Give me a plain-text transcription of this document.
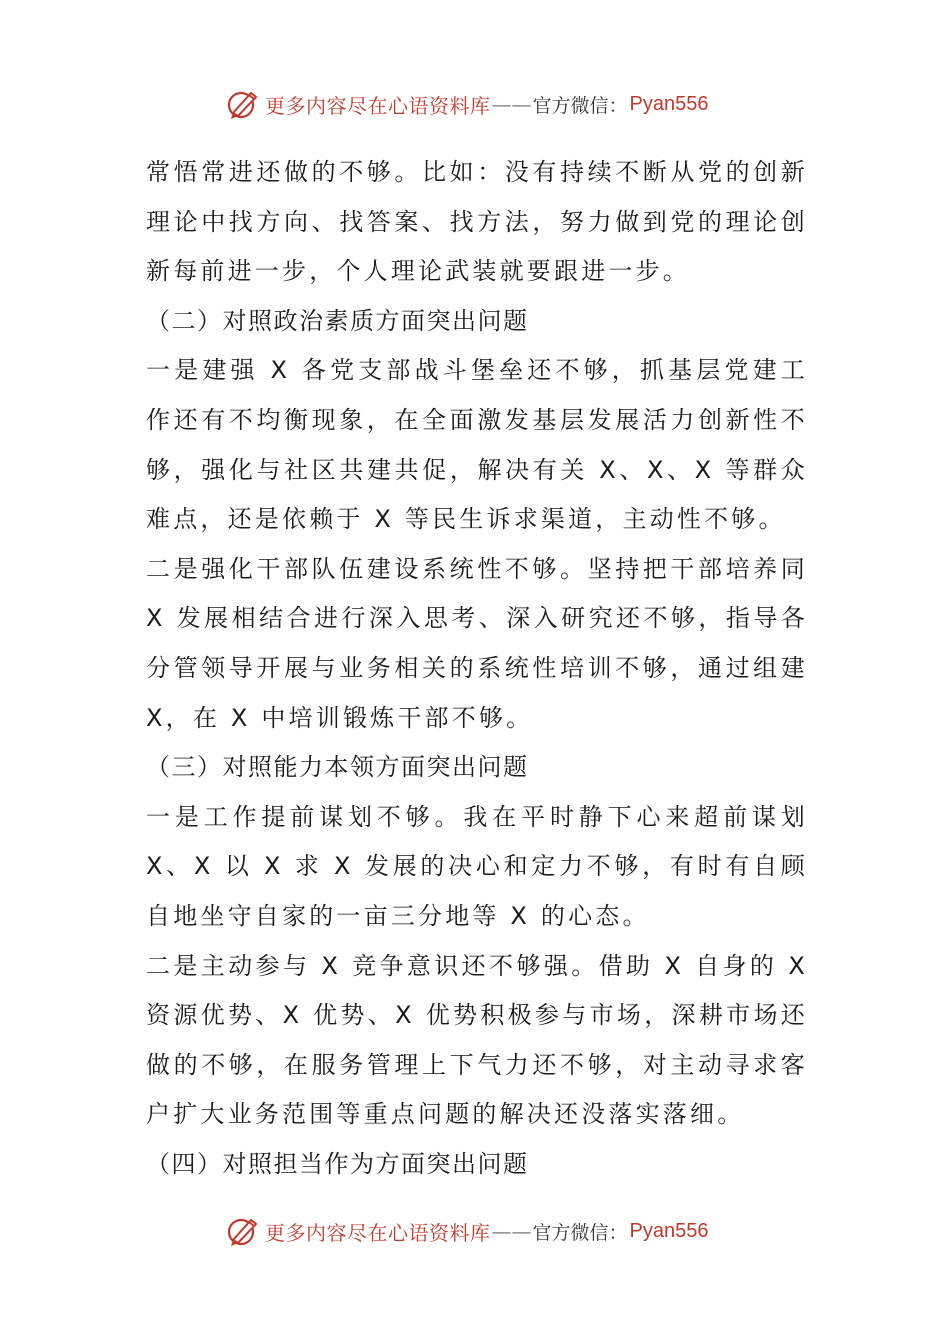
更多内容尽在心语资料库 —— 官方微信： Pyan556

常悟常进还做的不够。比如：没有持续不断从党的创新理论中找方向、找答案、找方法，努力做到党的理论创新每前进一步，个人理论武装就要跟进一步。

（二）对照政治素质方面突出问题

一是建强 X 各党支部战斗堡垒还不够，抓基层党建工作还有不均衡现象，在全面激发基层发展活力创新性不够，强化与社区共建共促，解决有关 X、X、X 等群众难点，还是依赖于 X 等民生诉求渠道，主动性不够。

二是强化干部队伍建设系统性不够。坚持把干部培养同 X 发展相结合进行深入思考、深入研究还不够，指导各分管领导开展与业务相关的系统性培训不够，通过组建 X，在 X 中培训锻炼干部不够。

（三）对照能力本领方面突出问题

一是工作提前谋划不够。我在平时静下心来超前谋划 X、X 以 X 求 X 发展的决心和定力不够，有时有自顾自地坐守自家的一亩三分地等 X 的心态。

二是主动参与 X 竞争意识还不够强。借助 X 自身的 X 资源优势、X 优势、X 优势积极参与市场，深耕市场还做的不够，在服务管理上下气力还不够，对主动寻求客户扩大业务范围等重点问题的解决还没落实落细。

（四）对照担当作为方面突出问题

更多内容尽在心语资料库 —— 官方微信： Pyan556
